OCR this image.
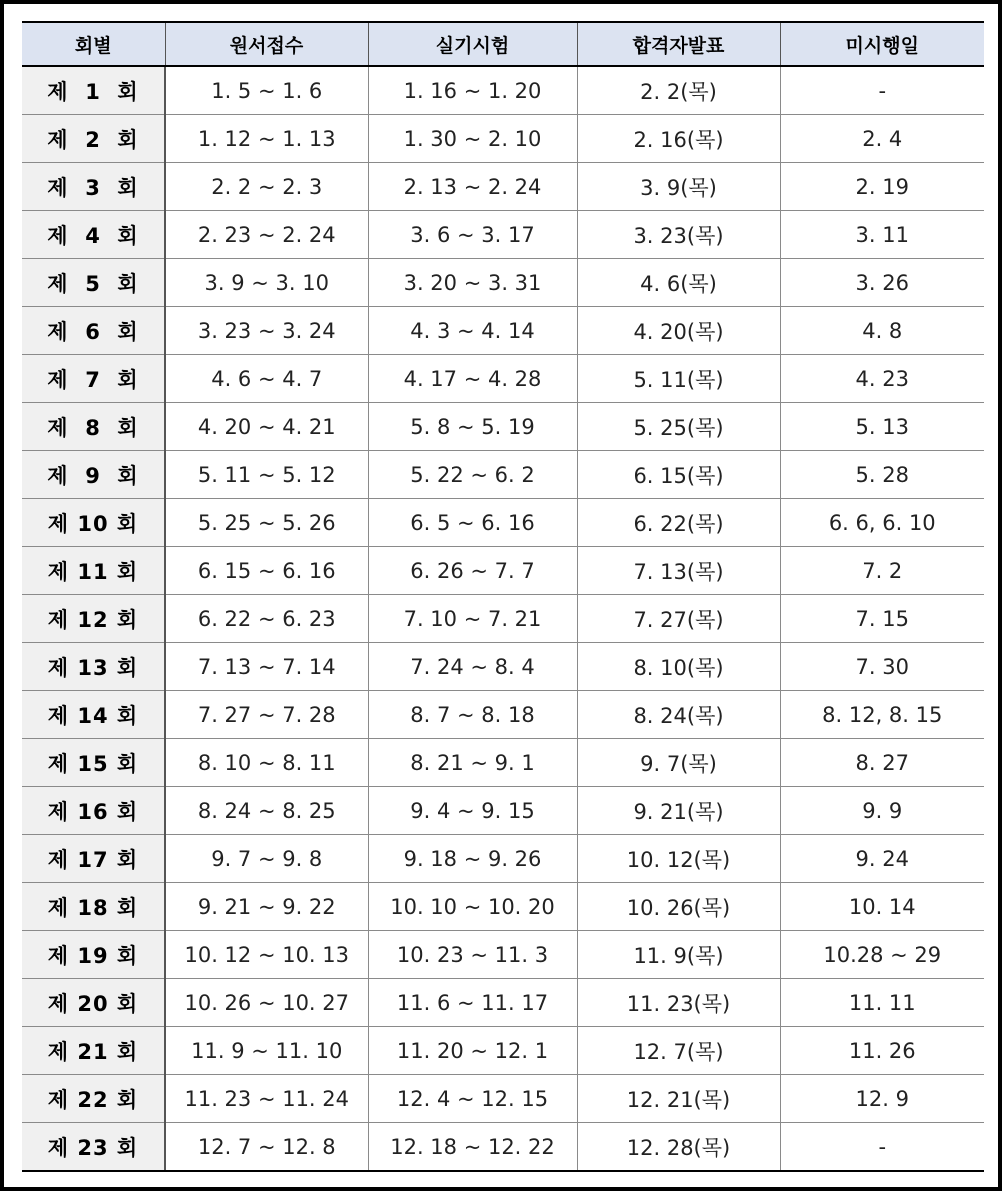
회별	원서접수	실기시험	합격자발표	미시행일
제  1  회	1. 5 ~ 1. 6	1. 16 ~ 1. 20	2. 2(목)	-
제  2  회	1. 12 ~ 1. 13	1. 30 ~ 2. 10	2. 16(목)	2. 4
제  3  회	2. 2 ~ 2. 3	2. 13 ~ 2. 24	3. 9(목)	2. 19
제  4  회	2. 23 ~ 2. 24	3. 6 ~ 3. 17	3. 23(목)	3. 11
제  5  회	3. 9 ~ 3. 10	3. 20 ~ 3. 31	4. 6(목)	3. 26
제  6  회	3. 23 ~ 3. 24	4. 3 ~ 4. 14	4. 20(목)	4. 8
제  7  회	4. 6 ~ 4. 7	4. 17 ~ 4. 28	5. 11(목)	4. 23
제  8  회	4. 20 ~ 4. 21	5. 8 ~ 5. 19	5. 25(목)	5. 13
제  9  회	5. 11 ~ 5. 12	5. 22 ~ 6. 2	6. 15(목)	5. 28
제 10 회	5. 25 ~ 5. 26	6. 5 ~ 6. 16	6. 22(목)	6. 6, 6. 10
제 11 회	6. 15 ~ 6. 16	6. 26 ~ 7. 7	7. 13(목)	7. 2
제 12 회	6. 22 ~ 6. 23	7. 10 ~ 7. 21	7. 27(목)	7. 15
제 13 회	7. 13 ~ 7. 14	7. 24 ~ 8. 4	8. 10(목)	7. 30
제 14 회	7. 27 ~ 7. 28	8. 7 ~ 8. 18	8. 24(목)	8. 12, 8. 15
제 15 회	8. 10 ~ 8. 11	8. 21 ~ 9. 1	9. 7(목)	8. 27
제 16 회	8. 24 ~ 8. 25	9. 4 ~ 9. 15	9. 21(목)	9. 9
제 17 회	9. 7 ~ 9. 8	9. 18 ~ 9. 26	10. 12(목)	9. 24
제 18 회	9. 21 ~ 9. 22	10. 10 ~ 10. 20	10. 26(목)	10. 14
제 19 회	10. 12 ~ 10. 13	10. 23 ~ 11. 3	11. 9(목)	10.28 ~ 29
제 20 회	10. 26 ~ 10. 27	11. 6 ~ 11. 17	11. 23(목)	11. 11
제 21 회	11. 9 ~ 11. 10	11. 20 ~ 12. 1	12. 7(목)	11. 26
제 22 회	11. 23 ~ 11. 24	12. 4 ~ 12. 15	12. 21(목)	12. 9
제 23 회	12. 7 ~ 12. 8	12. 18 ~ 12. 22	12. 28(목)	-
